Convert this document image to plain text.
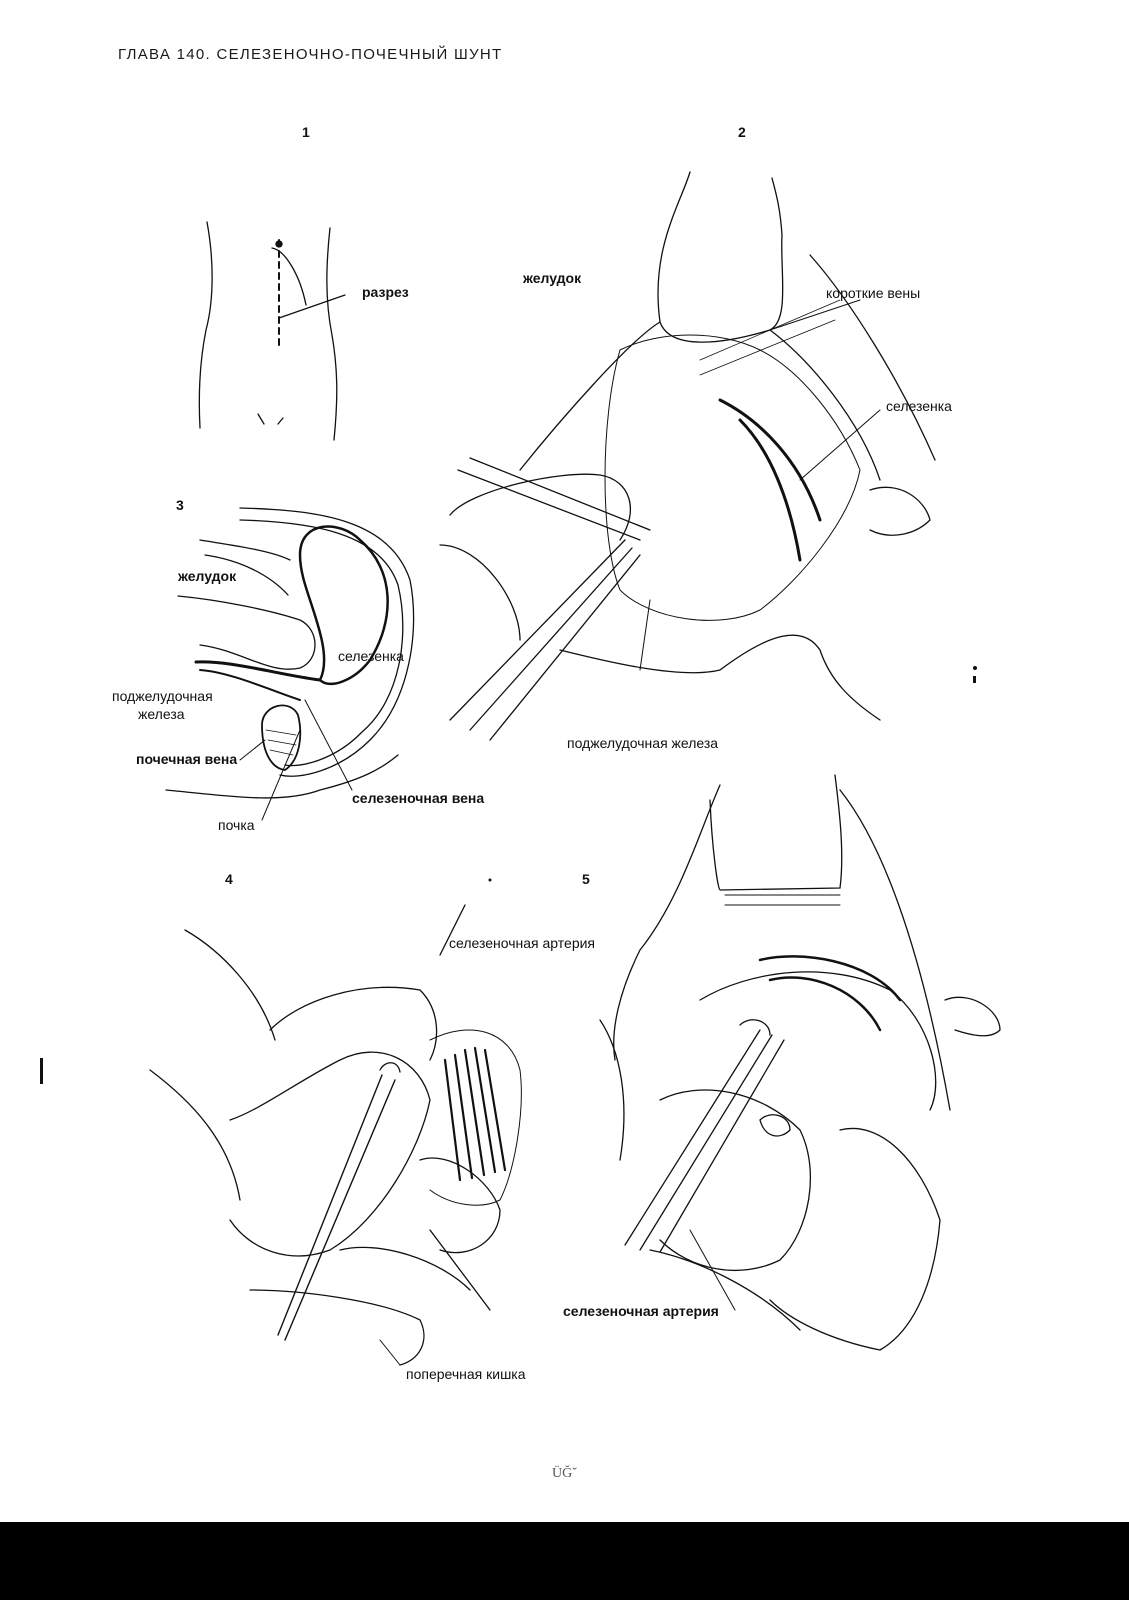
ГЛАВА 140. СЕЛЕЗЕНОЧНО-ПОЧЕЧНЫЙ ШУНТ
1	2
3
4	5
разрез
желудок
короткие вены
селезенка
поджелудочная железа
желудок
селезенка
поджелудочная
железа
почечная вена
селезеночная вена
почка
селезеночная артерия
поперечная кишка
селезеночная артерия
ÜĞ˘
